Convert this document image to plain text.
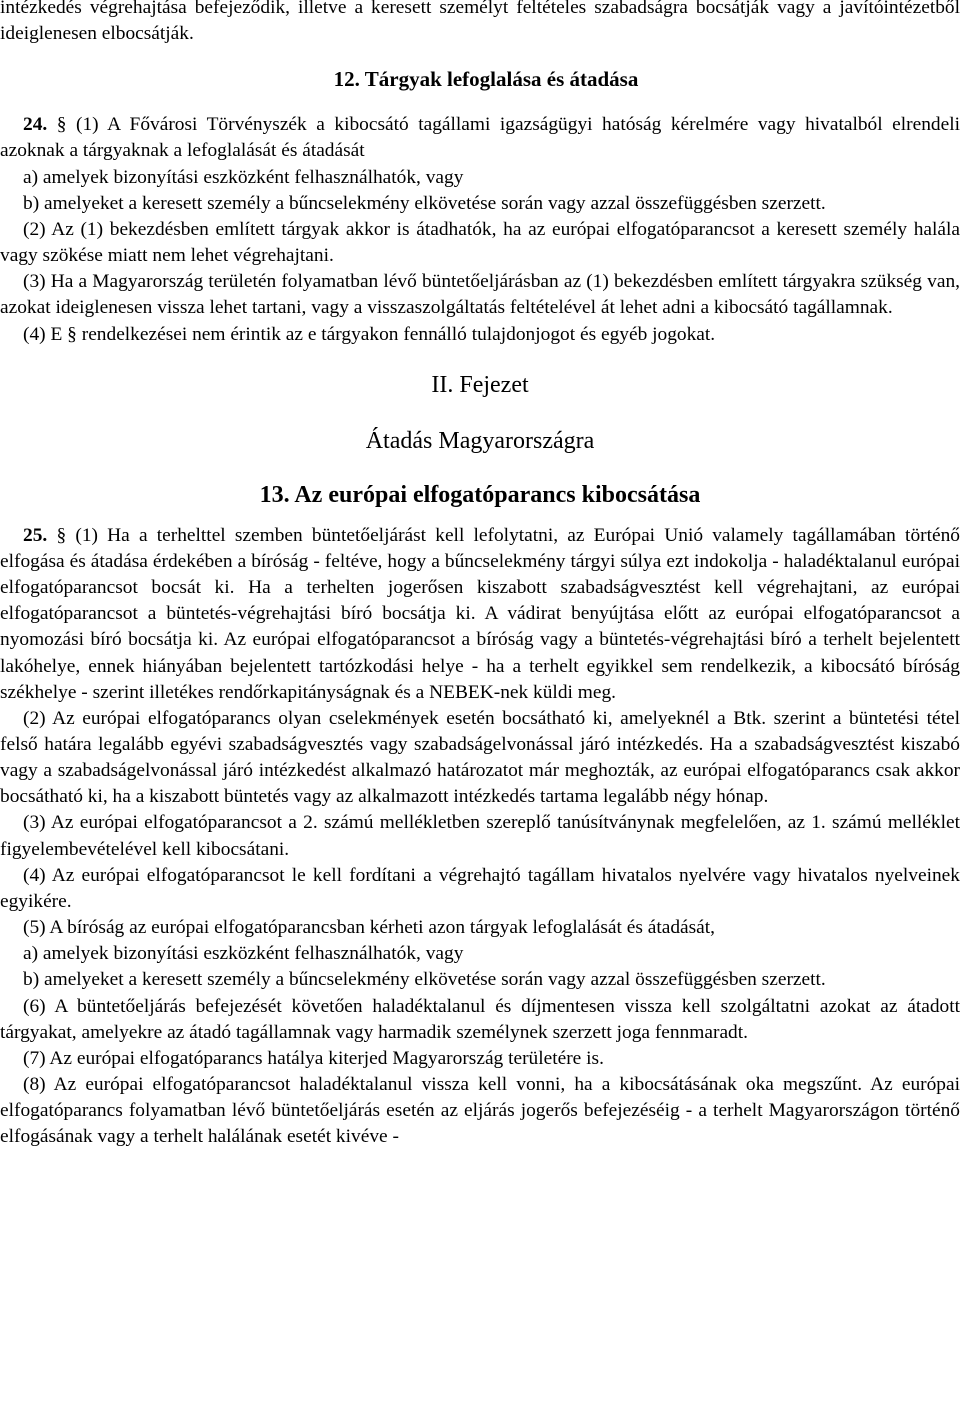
intézkedés végrehajtása befejeződik, illetve a keresett személyt feltételes szabadságra bocsátják vagy a javítóintézetből ideiglenesen elbocsátják.

12. Tárgyak lefoglalása és átadása

24. § (1) A Fővárosi Törvényszék a kibocsátó tagállami igazságügyi hatóság kérelmére vagy hivatalból elrendeli azoknak a tárgyaknak a lefoglalását és átadását

a) amelyek bizonyítási eszközként felhasználhatók, vagy

b) amelyeket a keresett személy a bűncselekmény elkövetése során vagy azzal összefüggésben szerzett.

(2) Az (1) bekezdésben említett tárgyak akkor is átadhatók, ha az európai elfogatóparancsot a keresett személy halála vagy szökése miatt nem lehet végrehajtani.

(3) Ha a Magyarország területén folyamatban lévő büntetőeljárásban az (1) bekezdésben említett tárgyakra szükség van, azokat ideiglenesen vissza lehet tartani, vagy a visszaszolgáltatás feltételével át lehet adni a kibocsátó tagállamnak.

(4) E § rendelkezései nem érintik az e tárgyakon fennálló tulajdonjogot és egyéb jogokat.

II. Fejezet

Átadás Magyarországra

13. Az európai elfogatóparancs kibocsátása

25. § (1) Ha a terhelttel szemben büntetőeljárást kell lefolytatni, az Európai Unió valamely tagállamában történő elfogása és átadása érdekében a bíróság - feltéve, hogy a bűncselekmény tárgyi súlya ezt indokolja - haladéktalanul európai elfogatóparancsot bocsát ki. Ha a terhelten jogerősen kiszabott szabadságvesztést kell végrehajtani, az európai elfogatóparancsot a büntetés-végrehajtási bíró bocsátja ki. A vádirat benyújtása előtt az európai elfogatóparancsot a nyomozási bíró bocsátja ki. Az európai elfogatóparancsot a bíróság vagy a büntetés-végrehajtási bíró a terhelt bejelentett lakóhelye, ennek hiányában bejelentett tartózkodási helye - ha a terhelt egyikkel sem rendelkezik, a kibocsátó bíróság székhelye - szerint illetékes rendőrkapitányságnak és a NEBEK-nek küldi meg.

(2) Az európai elfogatóparancs olyan cselekmények esetén bocsátható ki, amelyeknél a Btk. szerint a büntetési tétel felső határa legalább egyévi szabadságvesztés vagy szabadságelvonással járó intézkedés. Ha a szabadságvesztést kiszabó vagy a szabadságelvonással járó intézkedést alkalmazó határozatot már meghozták, az európai elfogatóparancs csak akkor bocsátható ki, ha a kiszabott büntetés vagy az alkalmazott intézkedés tartama legalább négy hónap.

(3) Az európai elfogatóparancsot a 2. számú mellékletben szereplő tanúsítványnak megfelelően, az 1. számú melléklet figyelembevételével kell kibocsátani.

(4) Az európai elfogatóparancsot le kell fordítani a végrehajtó tagállam hivatalos nyelvére vagy hivatalos nyelveinek egyikére.

(5) A bíróság az európai elfogatóparancsban kérheti azon tárgyak lefoglalását és átadását,

a) amelyek bizonyítási eszközként felhasználhatók, vagy

b) amelyeket a keresett személy a bűncselekmény elkövetése során vagy azzal összefüggésben szerzett.

(6) A büntetőeljárás befejezését követően haladéktalanul és díjmentesen vissza kell szolgáltatni azokat az átadott tárgyakat, amelyekre az átadó tagállamnak vagy harmadik személynek szerzett joga fennmaradt.

(7) Az európai elfogatóparancs hatálya kiterjed Magyarország területére is.

(8) Az európai elfogatóparancsot haladéktalanul vissza kell vonni, ha a kibocsátásának oka megszűnt. Az európai elfogatóparancs folyamatban lévő büntetőeljárás esetén az eljárás jogerős befejezéséig - a terhelt Magyarországon történő elfogásának vagy a terhelt halálának esetét kivéve -
